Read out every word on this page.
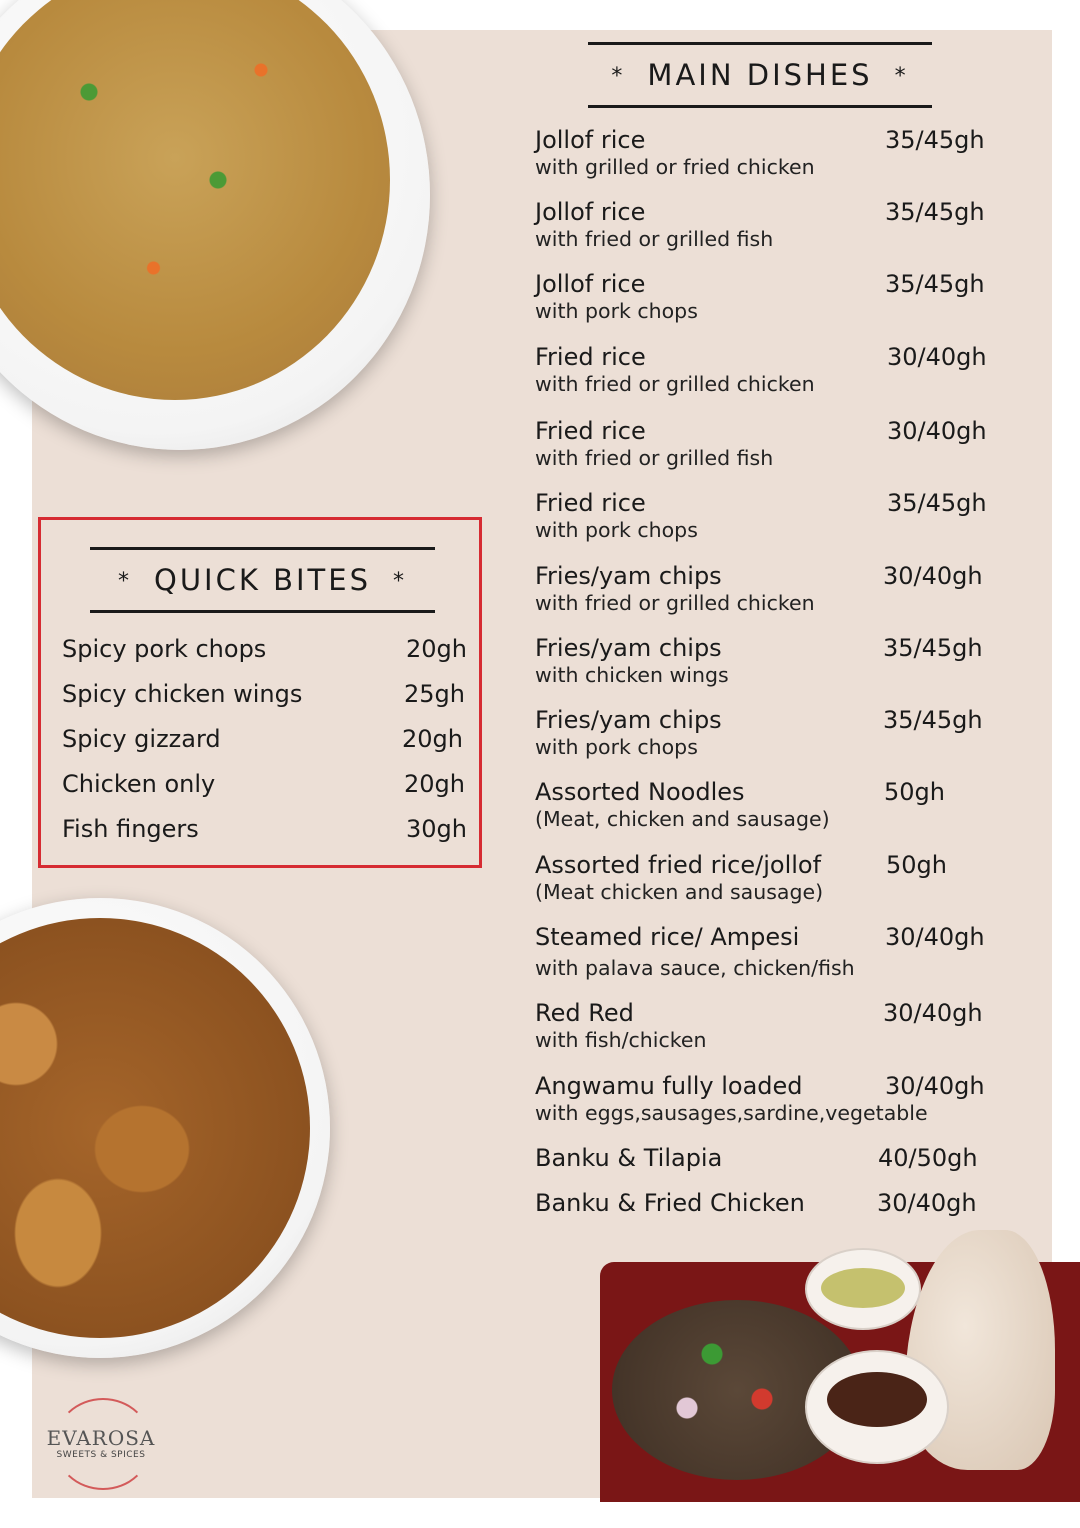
* MAIN DISHES *
Jollof rice
with grilled or fried chicken
35/45gh
Jollof rice
with fried or grilled fish
35/45gh
Jollof rice
with pork chops
35/45gh
Fried rice
with fried or grilled chicken
30/40gh
Fried rice
with fried or grilled fish
30/40gh
Fried rice
with pork chops
35/45gh
Fries/yam chips
with fried or grilled chicken
30/40gh
Fries/yam chips
with chicken wings
35/45gh
Fries/yam chips
with pork chops
35/45gh
Assorted Noodles
(Meat, chicken and sausage)
50gh
Assorted fried rice/jollof
(Meat chicken and sausage)
50gh
Steamed rice/ Ampesi
with palava sauce, chicken/fish
30/40gh
Red Red
with fish/chicken
30/40gh
Angwamu fully loaded
with eggs,sausages,sardine,vegetable
30/40gh
Banku & Tilapia	40/50gh
Banku & Fried Chicken	30/40gh
* QUICK BITES *
Spicy pork chops	20gh
Spicy chicken wings	25gh
Spicy gizzard	20gh
Chicken only	20gh
Fish fingers	30gh
EVAROSA
SWEETS & SPICES
